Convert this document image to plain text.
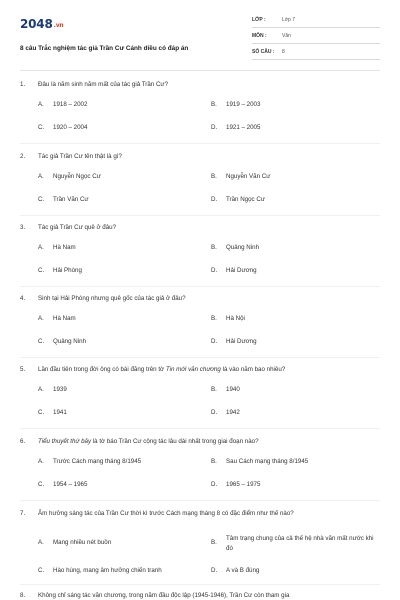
2048.vn
8 câu Trắc nghiệm tác giả Trần Cư Cánh diều có đáp án
LỚP :	Lớp 7
MÔN :	Văn
SỐ CÂU : 8
1. Đâu là năm sinh năm mất của tác giả Trần Cư?
A. 1918 – 2002	B. 1919 – 2003
C. 1920 – 2004	D. 1921 – 2005
2. Tác giả Trần Cư tên thật là gì?
A. Nguyễn Ngọc Cư	B. Nguyễn Văn Cư
C. Trần Văn Cư	D. Trần Ngọc Cư
3. Tác giả Trần Cư quê ở đâu?
A. Hà Nam	B. Quảng Ninh
C. Hải Phòng	D. Hải Dương
4. Sinh tại Hải Phòng nhưng quê gốc của tác giả ở đâu?
A. Hà Nam	B. Hà Nội
C. Quảng Ninh	D. Hải Dương
5. Lần đầu tiên trong đời ông có bài đăng trên tờ Tin mới văn chương là vào năm bao nhiêu?
A. 1939	B. 1940
C. 1941	D. 1942
6. Tiểu thuyết thứ bảy là tờ báo Trần Cư cộng tác lâu dài nhất trong giai đoạn nào?
A. Trước Cách mạng tháng 8/1945	B. Sau Cách mạng tháng 8/1945
C. 1954 – 1965	D. 1965 – 1975
7. Âm hưởng sáng tác của Trần Cư thời kì trước Cách mạng tháng 8 có đặc điểm như thế nào?
A. Mang nhiều nét buồn	B.
Tâm trạng chung của cả thế hệ nhà văn mất nước khi đó
C. Hào hùng, mang âm hưởng chiến tranh	D. A và B đúng
8. Không chỉ sáng tác văn chương, trong năm đầu độc lập (1945-1946), Trần Cư còn tham gia
